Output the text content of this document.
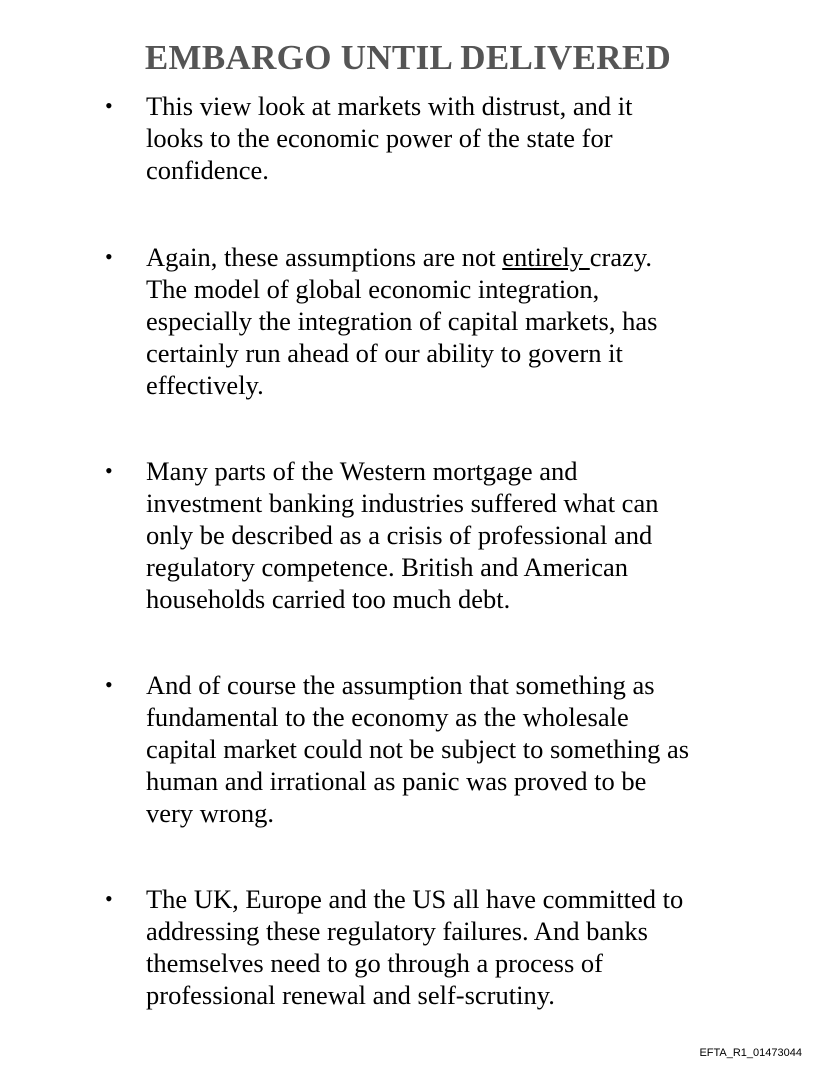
EMBARGO UNTIL DELIVERED
• This view look at markets with distrust, and it
looks to the economic power of the state for
confidence.
• Again, these assumptions are not entirely crazy.
The model of global economic integration,
especially the integration of capital markets, has
certainly run ahead of our ability to govern it
effectively.
• Many parts of the Western mortgage and
investment banking industries suffered what can
only be described as a crisis of professional and
regulatory competence. British and American
households carried too much debt.
• And of course the assumption that something as
fundamental to the economy as the wholesale
capital market could not be subject to something as
human and irrational as panic was proved to be
very wrong.
• The UK, Europe and the US all have committed to
addressing these regulatory failures. And banks
themselves need to go through a process of
professional renewal and self-scrutiny.
EFTA_R1_01473044
